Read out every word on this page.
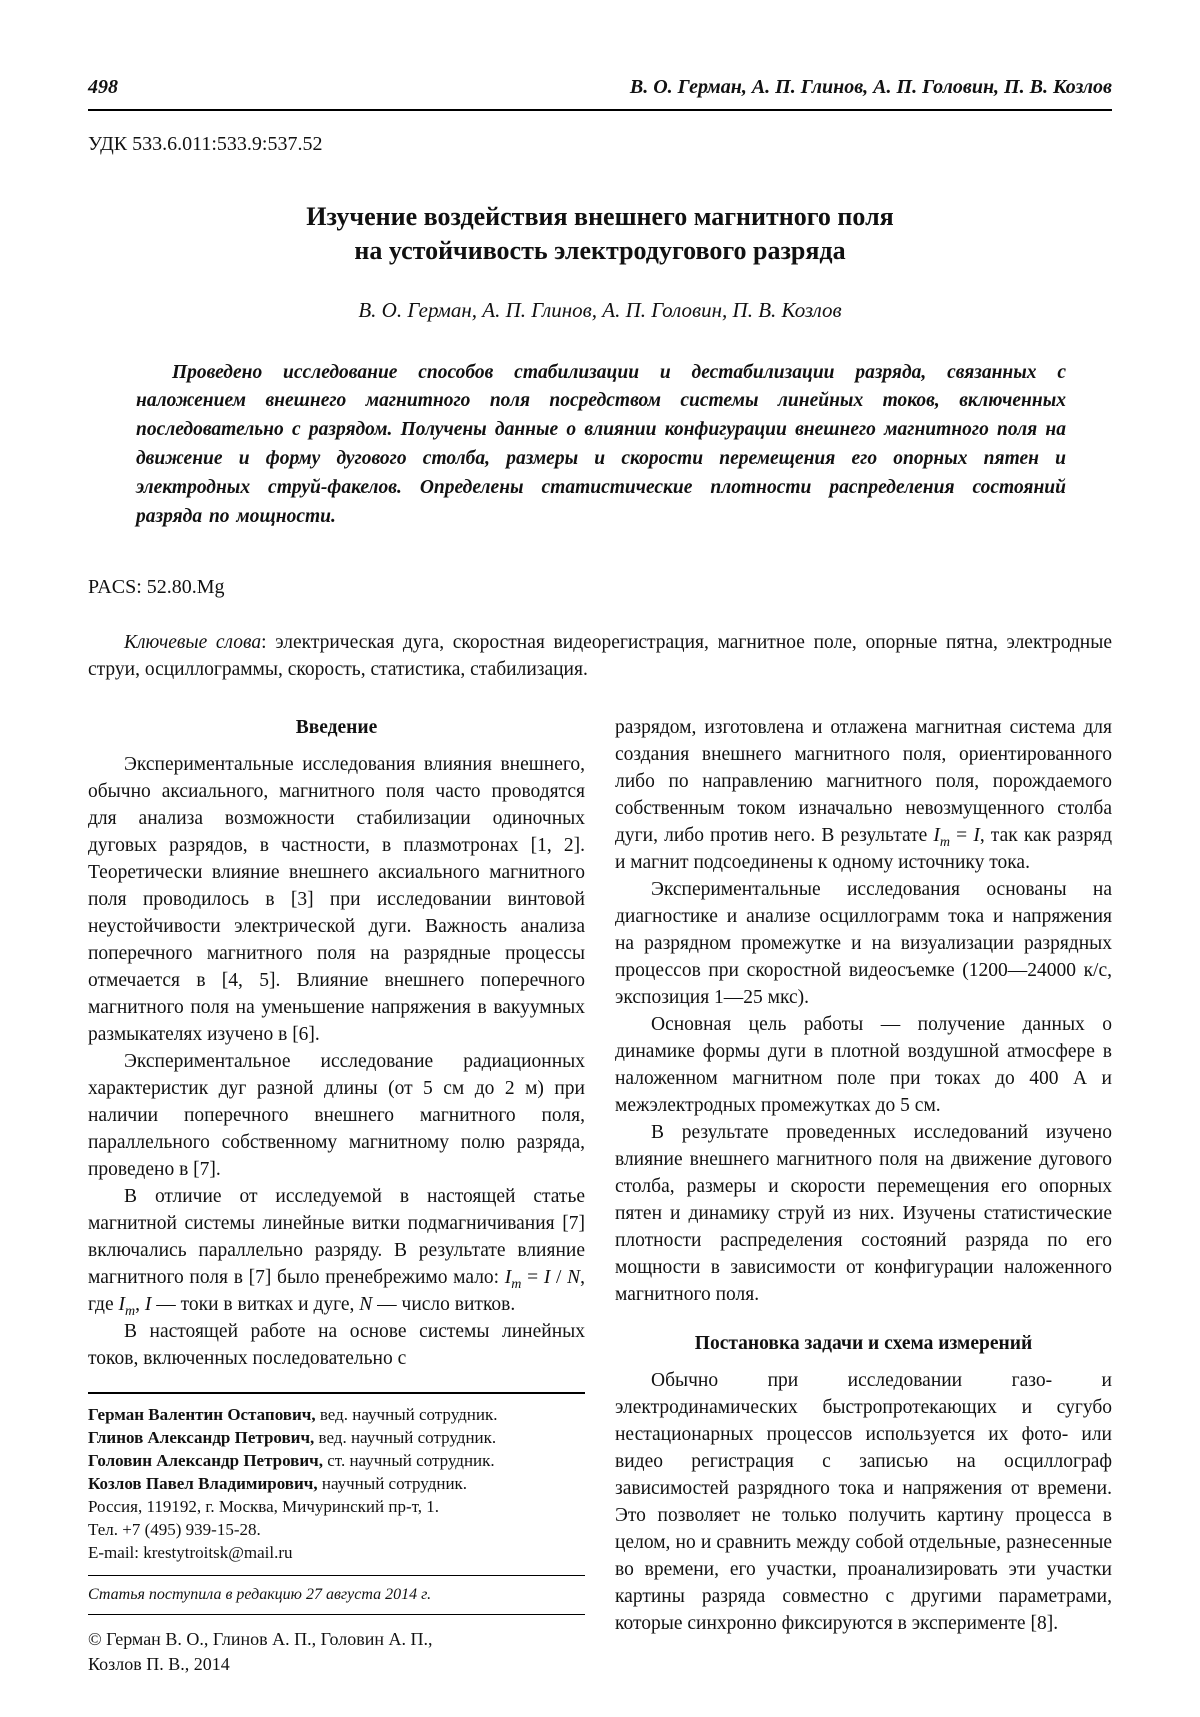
498	В. О. Герман, А. П. Глинов, А. П. Головин, П. В. Козлов
УДК 533.6.011:533.9:537.52
Изучение воздействия внешнего магнитного поля
на устойчивость электродугового разряда
В. О. Герман, А. П. Глинов, А. П. Головин, П. В. Козлов

Проведено исследование способов стабилизации и дестабилизации разряда, связанных с наложением внешнего магнитного поля посредством системы линейных токов, включенных последовательно с разрядом. Получены данные о влиянии конфигурации внешнего магнитного поля на движение и форму дугового столба, размеры и скорости перемещения его опорных пятен и электродных струй-факелов. Определены статистические плотности распределения состояний разряда по мощности.

PACS: 52.80.Mg

Ключевые слова: электрическая дуга, скоростная видеорегистрация, магнитное поле, опорные пятна, электродные струи, осциллограммы, скорость, статистика, стабилизация.

Введение

Экспериментальные исследования влияния внешнего, обычно аксиального, магнитного поля часто проводятся для анализа возможности стабилизации одиночных дуговых разрядов, в частности, в плазмотронах [1, 2]. Теоретически влияние внешнего аксиального магнитного поля проводилось в [3] при исследовании винтовой неустойчивости электрической дуги. Важность анализа поперечного магнитного поля на разрядные процессы отмечается в [4, 5]. Влияние внешнего поперечного магнитного поля на уменьшение напряжения в вакуумных размыкателях изучено в [6].

Экспериментальное исследование радиационных характеристик дуг разной длины (от 5 см до 2 м) при наличии поперечного внешнего магнитного поля, параллельного собственному магнитному полю разряда, проведено в [7].

В отличие от исследуемой в настоящей статье магнитной системы линейные витки подмагничивания [7] включались параллельно разряду. В результате влияние магнитного поля в [7] было пренебрежимо мало: $I_m = I / N$, где $I_m$, I — токи в витках и дуге, N — число витков.

В настоящей работе на основе системы линейных токов, включенных последовательно с

Герман Валентин Остапович, вед. научный сотрудник.
Глинов Александр Петрович, вед. научный сотрудник.
Головин Александр Петрович, ст. научный сотрудник.
Козлов Павел Владимирович, научный сотрудник.
Россия, 119192, г. Москва, Мичуринский пр-т, 1.
Тел. +7 (495) 939-15-28.
E-mail: krestytroitsk@mail.ru
Статья поступила в редакцию 27 августа 2014 г.
© Герман В. О., Глинов А. П., Головин А. П., Козлов П. В., 2014

разрядом, изготовлена и отлажена магнитная система для создания внешнего магнитного поля, ориентированного либо по направлению магнитного поля, порождаемого собственным током изначально невозмущенного столба дуги, либо против него. В результате $I_m = I$, так как разряд и магнит подсоединены к одному источнику тока.

Экспериментальные исследования основаны на диагностике и анализе осциллограмм тока и напряжения на разрядном промежутке и на визуализации разрядных процессов при скоростной видеосъемке (1200—24000 к/с, экспозиция 1—25 мкс).

Основная цель работы — получение данных о динамике формы дуги в плотной воздушной атмосфере в наложенном магнитном поле при токах до 400 А и межэлектродных промежутках до 5 см.

В результате проведенных исследований изучено влияние внешнего магнитного поля на движение дугового столба, размеры и скорости перемещения его опорных пятен и динамику струй из них. Изучены статистические плотности распределения состояний разряда по его мощности в зависимости от конфигурации наложенного магнитного поля.

Постановка задачи и схема измерений

Обычно при исследовании газо- и электродинамических быстропротекающих и сугубо нестационарных процессов используется их фото- или видео регистрация с записью на осциллограф зависимостей разрядного тока и напряжения от времени. Это позволяет не только получить картину процесса в целом, но и сравнить между собой отдельные, разнесенные во времени, его участки, проанализировать эти участки картины разряда совместно с другими параметрами, которые синхронно фиксируются в эксперименте [8].
